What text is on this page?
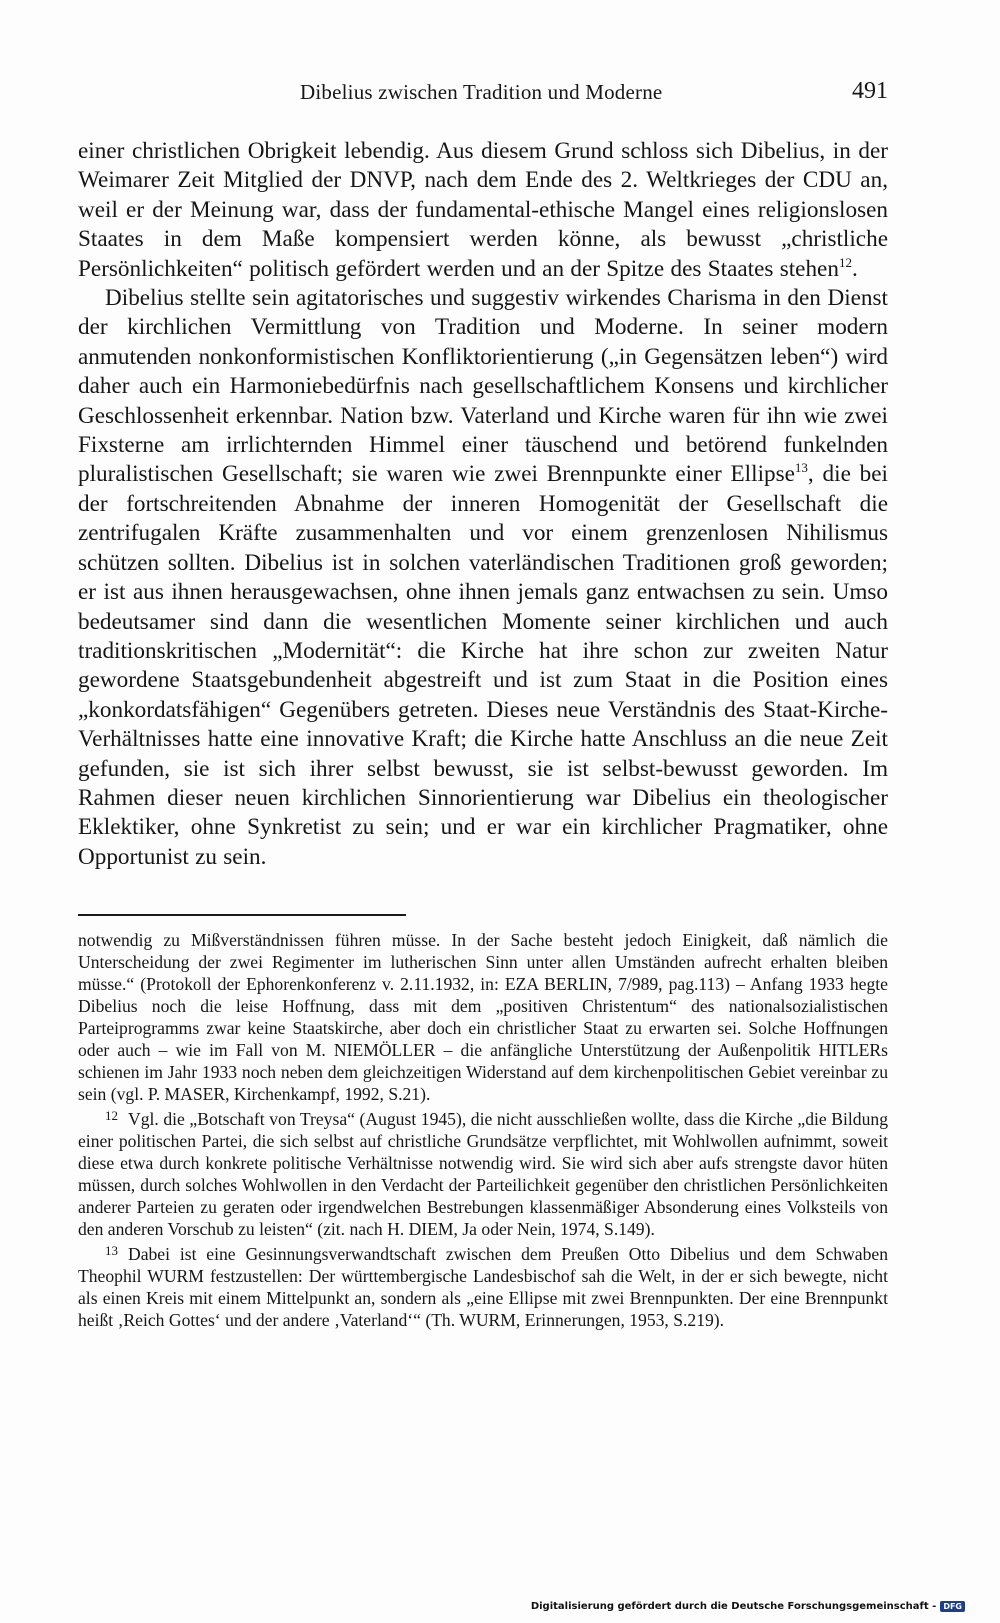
Dibelius zwischen Tradition und Moderne	491

einer christlichen Obrigkeit lebendig. Aus diesem Grund schloss sich Dibelius, in der Weimarer Zeit Mitglied der DNVP, nach dem Ende des 2. Weltkrieges der CDU an, weil er der Meinung war, dass der fundamental-ethische Mangel eines religionslosen Staates in dem Maße kompensiert werden könne, als bewusst „christliche Persönlichkeiten“ politisch gefördert werden und an der Spitze des Staates stehen$^{12}$.

Dibelius stellte sein agitatorisches und suggestiv wirkendes Charisma in den Dienst der kirchlichen Vermittlung von Tradition und Moderne. In seiner modern anmutenden nonkonformistischen Konfliktorientierung („in Gegensätzen leben“) wird daher auch ein Harmoniebedürfnis nach gesellschaftlichem Konsens und kirchlicher Geschlossenheit erkennbar. Nation bzw. Vaterland und Kirche waren für ihn wie zwei Fixsterne am irrlichternden Himmel einer täuschend und betörend funkelnden pluralistischen Gesellschaft; sie waren wie zwei Brennpunkte einer Ellipse$^{13}$, die bei der fortschreitenden Abnahme der inneren Homogenität der Gesellschaft die zentrifugalen Kräfte zusammenhalten und vor einem grenzenlosen Nihilismus schützen sollten. Dibelius ist in solchen vaterländischen Traditionen groß geworden; er ist aus ihnen herausgewachsen, ohne ihnen jemals ganz entwachsen zu sein. Umso bedeutsamer sind dann die wesentlichen Momente seiner kirchlichen und auch traditionskritischen „Modernität“: die Kirche hat ihre schon zur zweiten Natur gewordene Staatsgebundenheit abgestreift und ist zum Staat in die Position eines „konkordatsfähigen“ Gegenübers getreten. Dieses neue Verständnis des Staat-Kirche-Verhältnisses hatte eine innovative Kraft; die Kirche hatte Anschluss an die neue Zeit gefunden, sie ist sich ihrer selbst bewusst, sie ist selbst-bewusst geworden. Im Rahmen dieser neuen kirchlichen Sinnorientierung war Dibelius ein theologischer Eklektiker, ohne Synkretist zu sein; und er war ein kirchlicher Pragmatiker, ohne Opportunist zu sein.

notwendig zu Mißverständnissen führen müsse. In der Sache besteht jedoch Einigkeit, daß nämlich die Unterscheidung der zwei Regimenter im lutherischen Sinn unter allen Umständen aufrecht erhalten bleiben müsse.“ (Protokoll der Ephorenkonferenz v. 2.11.1932, in: EZA BERLIN, 7/989, pag.113) – Anfang 1933 hegte Dibelius noch die leise Hoffnung, dass mit dem „positiven Christentum“ des nationalsozialistischen Parteiprogramms zwar keine Staatskirche, aber doch ein christlicher Staat zu erwarten sei. Solche Hoffnungen oder auch – wie im Fall von M. NIEMÖLLER – die anfängliche Unterstützung der Außenpolitik HITLERs schienen im Jahr 1933 noch neben dem gleichzeitigen Widerstand auf dem kirchenpolitischen Gebiet vereinbar zu sein (vgl. P. MASER, Kirchenkampf, 1992, S.21).

$^{12}$ Vgl. die „Botschaft von Treysa“ (August 1945), die nicht ausschließen wollte, dass die Kirche „die Bildung einer politischen Partei, die sich selbst auf christliche Grundsätze verpflichtet, mit Wohlwollen aufnimmt, soweit diese etwa durch konkrete politische Verhältnisse notwendig wird. Sie wird sich aber aufs strengste davor hüten müssen, durch solches Wohlwollen in den Verdacht der Parteilichkeit gegenüber den christlichen Persönlichkeiten anderer Parteien zu geraten oder irgendwelchen Bestrebungen klassenmäßiger Absonderung eines Volksteils von den anderen Vorschub zu leisten“ (zit. nach H. DIEM, Ja oder Nein, 1974, S.149).

$^{13}$ Dabei ist eine Gesinnungsverwandtschaft zwischen dem Preußen Otto Dibelius und dem Schwaben Theophil WURM festzustellen: Der württembergische Landesbischof sah die Welt, in der er sich bewegte, nicht als einen Kreis mit einem Mittelpunkt an, sondern als „eine Ellipse mit zwei Brennpunkten. Der eine Brennpunkt heißt ‚Reich Gottes‘ und der andere ‚Vaterland‘“ (Th. WURM, Erinnerungen, 1953, S.219).

Digitalisierung gefördert durch die Deutsche Forschungsgemeinschaft - DFG
